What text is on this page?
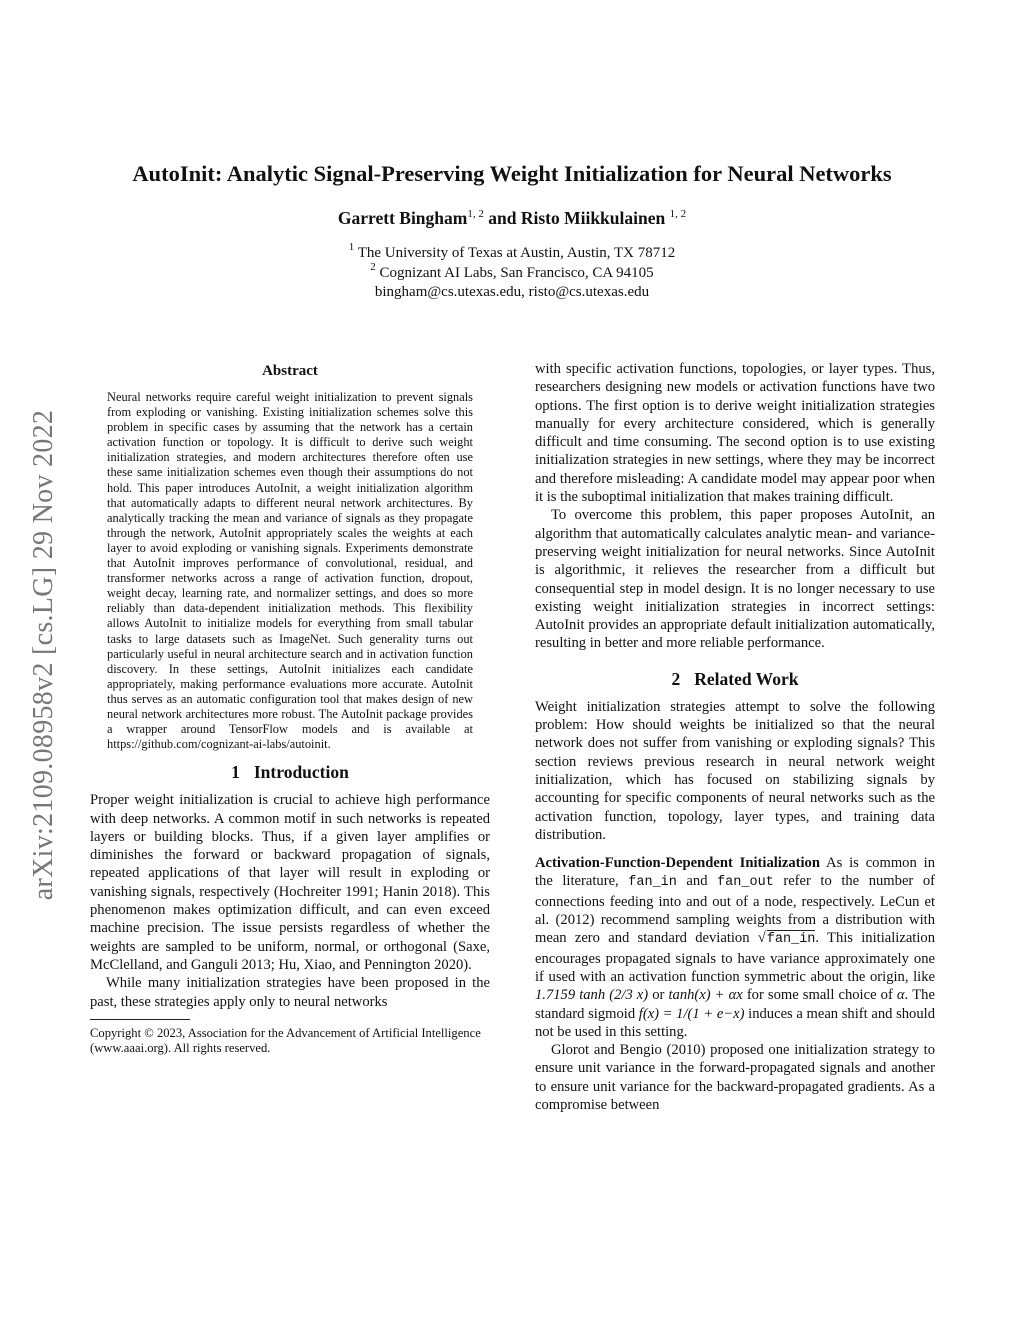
AutoInit: Analytic Signal-Preserving Weight Initialization for Neural Networks
Garrett Bingham$^{1, 2}$ and Risto Miikkulainen $^{1, 2}$
$^1$ The University of Texas at Austin, Austin, TX 78712
$^2$ Cognizant AI Labs, San Francisco, CA 94105
bingham@cs.utexas.edu, risto@cs.utexas.edu
arXiv:2109.08958v2 [cs.LG] 29 Nov 2022
Abstract
Neural networks require careful weight initialization to prevent signals from exploding or vanishing. Existing initialization schemes solve this problem in specific cases by assuming that the network has a certain activation function or topology. It is difficult to derive such weight initialization strategies, and modern architectures therefore often use these same initialization schemes even though their assumptions do not hold. This paper introduces AutoInit, a weight initialization algorithm that automatically adapts to different neural network architectures. By analytically tracking the mean and variance of signals as they propagate through the network, AutoInit appropriately scales the weights at each layer to avoid exploding or vanishing signals. Experiments demonstrate that AutoInit improves performance of convolutional, residual, and transformer networks across a range of activation function, dropout, weight decay, learning rate, and normalizer settings, and does so more reliably than data-dependent initialization methods. This flexibility allows AutoInit to initialize models for everything from small tabular tasks to large datasets such as ImageNet. Such generality turns out particularly useful in neural architecture search and in activation function discovery. In these settings, AutoInit initializes each candidate appropriately, making performance evaluations more accurate. AutoInit thus serves as an automatic configuration tool that makes design of new neural network architectures more robust. The AutoInit package provides a wrapper around TensorFlow models and is available at https://github.com/cognizant-ai-labs/autoinit.
1 Introduction

Proper weight initialization is crucial to achieve high performance with deep networks. A common motif in such networks is repeated layers or building blocks. Thus, if a given layer amplifies or diminishes the forward or backward propagation of signals, repeated applications of that layer will result in exploding or vanishing signals, respectively (Hochreiter 1991; Hanin 2018). This phenomenon makes optimization difficult, and can even exceed machine precision. The issue persists regardless of whether the weights are sampled to be uniform, normal, or orthogonal (Saxe, McClelland, and Ganguli 2013; Hu, Xiao, and Pennington 2020).

While many initialization strategies have been proposed in the past, these strategies apply only to neural networks

Copyright © 2023, Association for the Advancement of Artificial Intelligence (www.aaai.org). All rights reserved.

with specific activation functions, topologies, or layer types. Thus, researchers designing new models or activation functions have two options. The first option is to derive weight initialization strategies manually for every architecture considered, which is generally difficult and time consuming. The second option is to use existing initialization strategies in new settings, where they may be incorrect and therefore misleading: A candidate model may appear poor when it is the suboptimal initialization that makes training difficult.

To overcome this problem, this paper proposes AutoInit, an algorithm that automatically calculates analytic mean- and variance-preserving weight initialization for neural networks. Since AutoInit is algorithmic, it relieves the researcher from a difficult but consequential step in model design. It is no longer necessary to use existing weight initialization strategies in incorrect settings: AutoInit provides an appropriate default initialization automatically, resulting in better and more reliable performance.

2 Related Work

Weight initialization strategies attempt to solve the following problem: How should weights be initialized so that the neural network does not suffer from vanishing or exploding signals? This section reviews previous research in neural network weight initialization, which has focused on stabilizing signals by accounting for specific components of neural networks such as the activation function, topology, layer types, and training data distribution.

Activation-Function-Dependent Initialization As is common in the literature, fan_in and fan_out refer to the number of connections feeding into and out of a node, respectively. LeCun et al. (2012) recommend sampling weights from a distribution with mean zero and standard deviation √fan_in. This initialization encourages propagated signals to have variance approximately one if used with an activation function symmetric about the origin, like 1.7159 tanh (2/3 x) or tanh(x) + αx for some small choice of α. The standard sigmoid f(x) = 1/(1 + e−x) induces a mean shift and should not be used in this setting.

Glorot and Bengio (2010) proposed one initialization strategy to ensure unit variance in the forward-propagated signals and another to ensure unit variance for the backward-propagated gradients. As a compromise between
